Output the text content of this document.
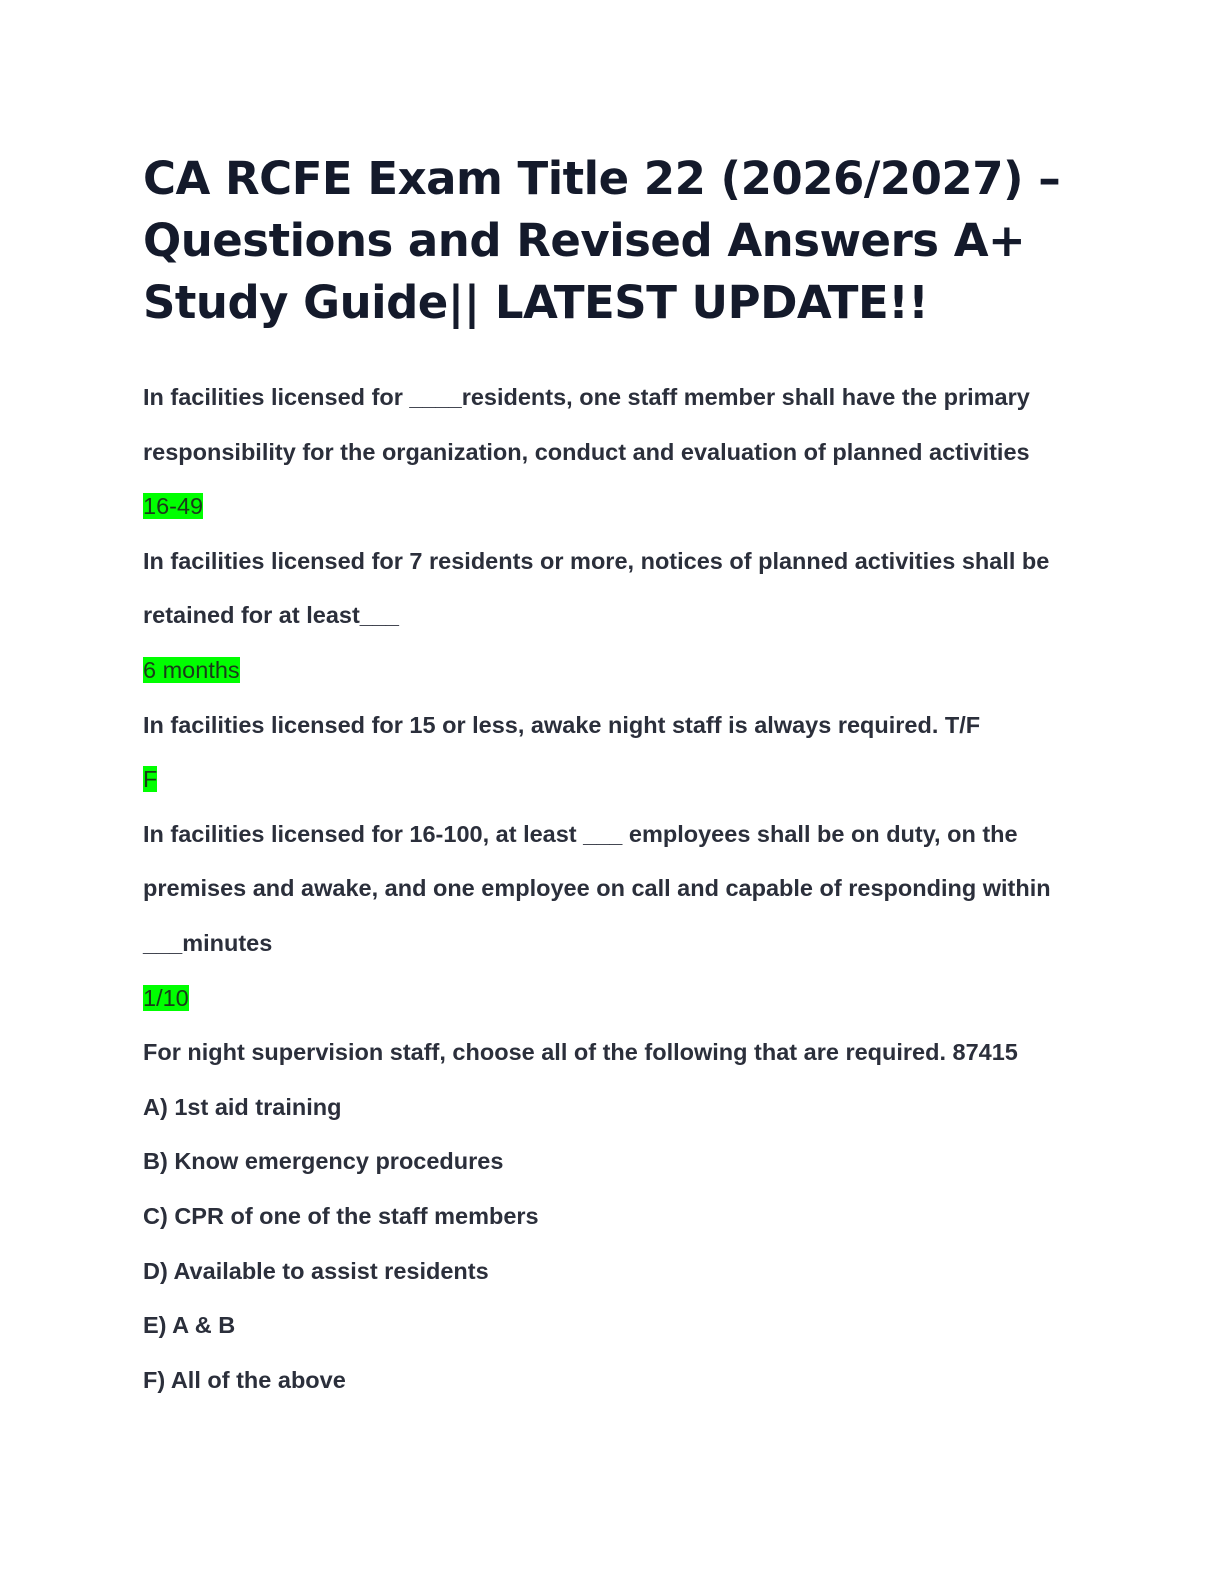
CA RCFE Exam Title 22 (2026/2027) – Questions and Revised Answers A+ Study Guide|| LATEST UPDATE!!

In facilities licensed for ____residents, one staff member shall have the primary responsibility for the organization, conduct and evaluation of planned activities

16-49

In facilities licensed for 7 residents or more, notices of planned activities shall be retained for at least___

6 months

In facilities licensed for 15 or less, awake night staff is always required. T/F

F

In facilities licensed for 16-100, at least ___ employees shall be on duty, on the premises and awake, and one employee on call and capable of responding within ___minutes

1/10

For night supervision staff, choose all of the following that are required. 87415

A) 1st aid training

B) Know emergency procedures

C) CPR of one of the staff members

D) Available to assist residents

E) A & B

F) All of the above
